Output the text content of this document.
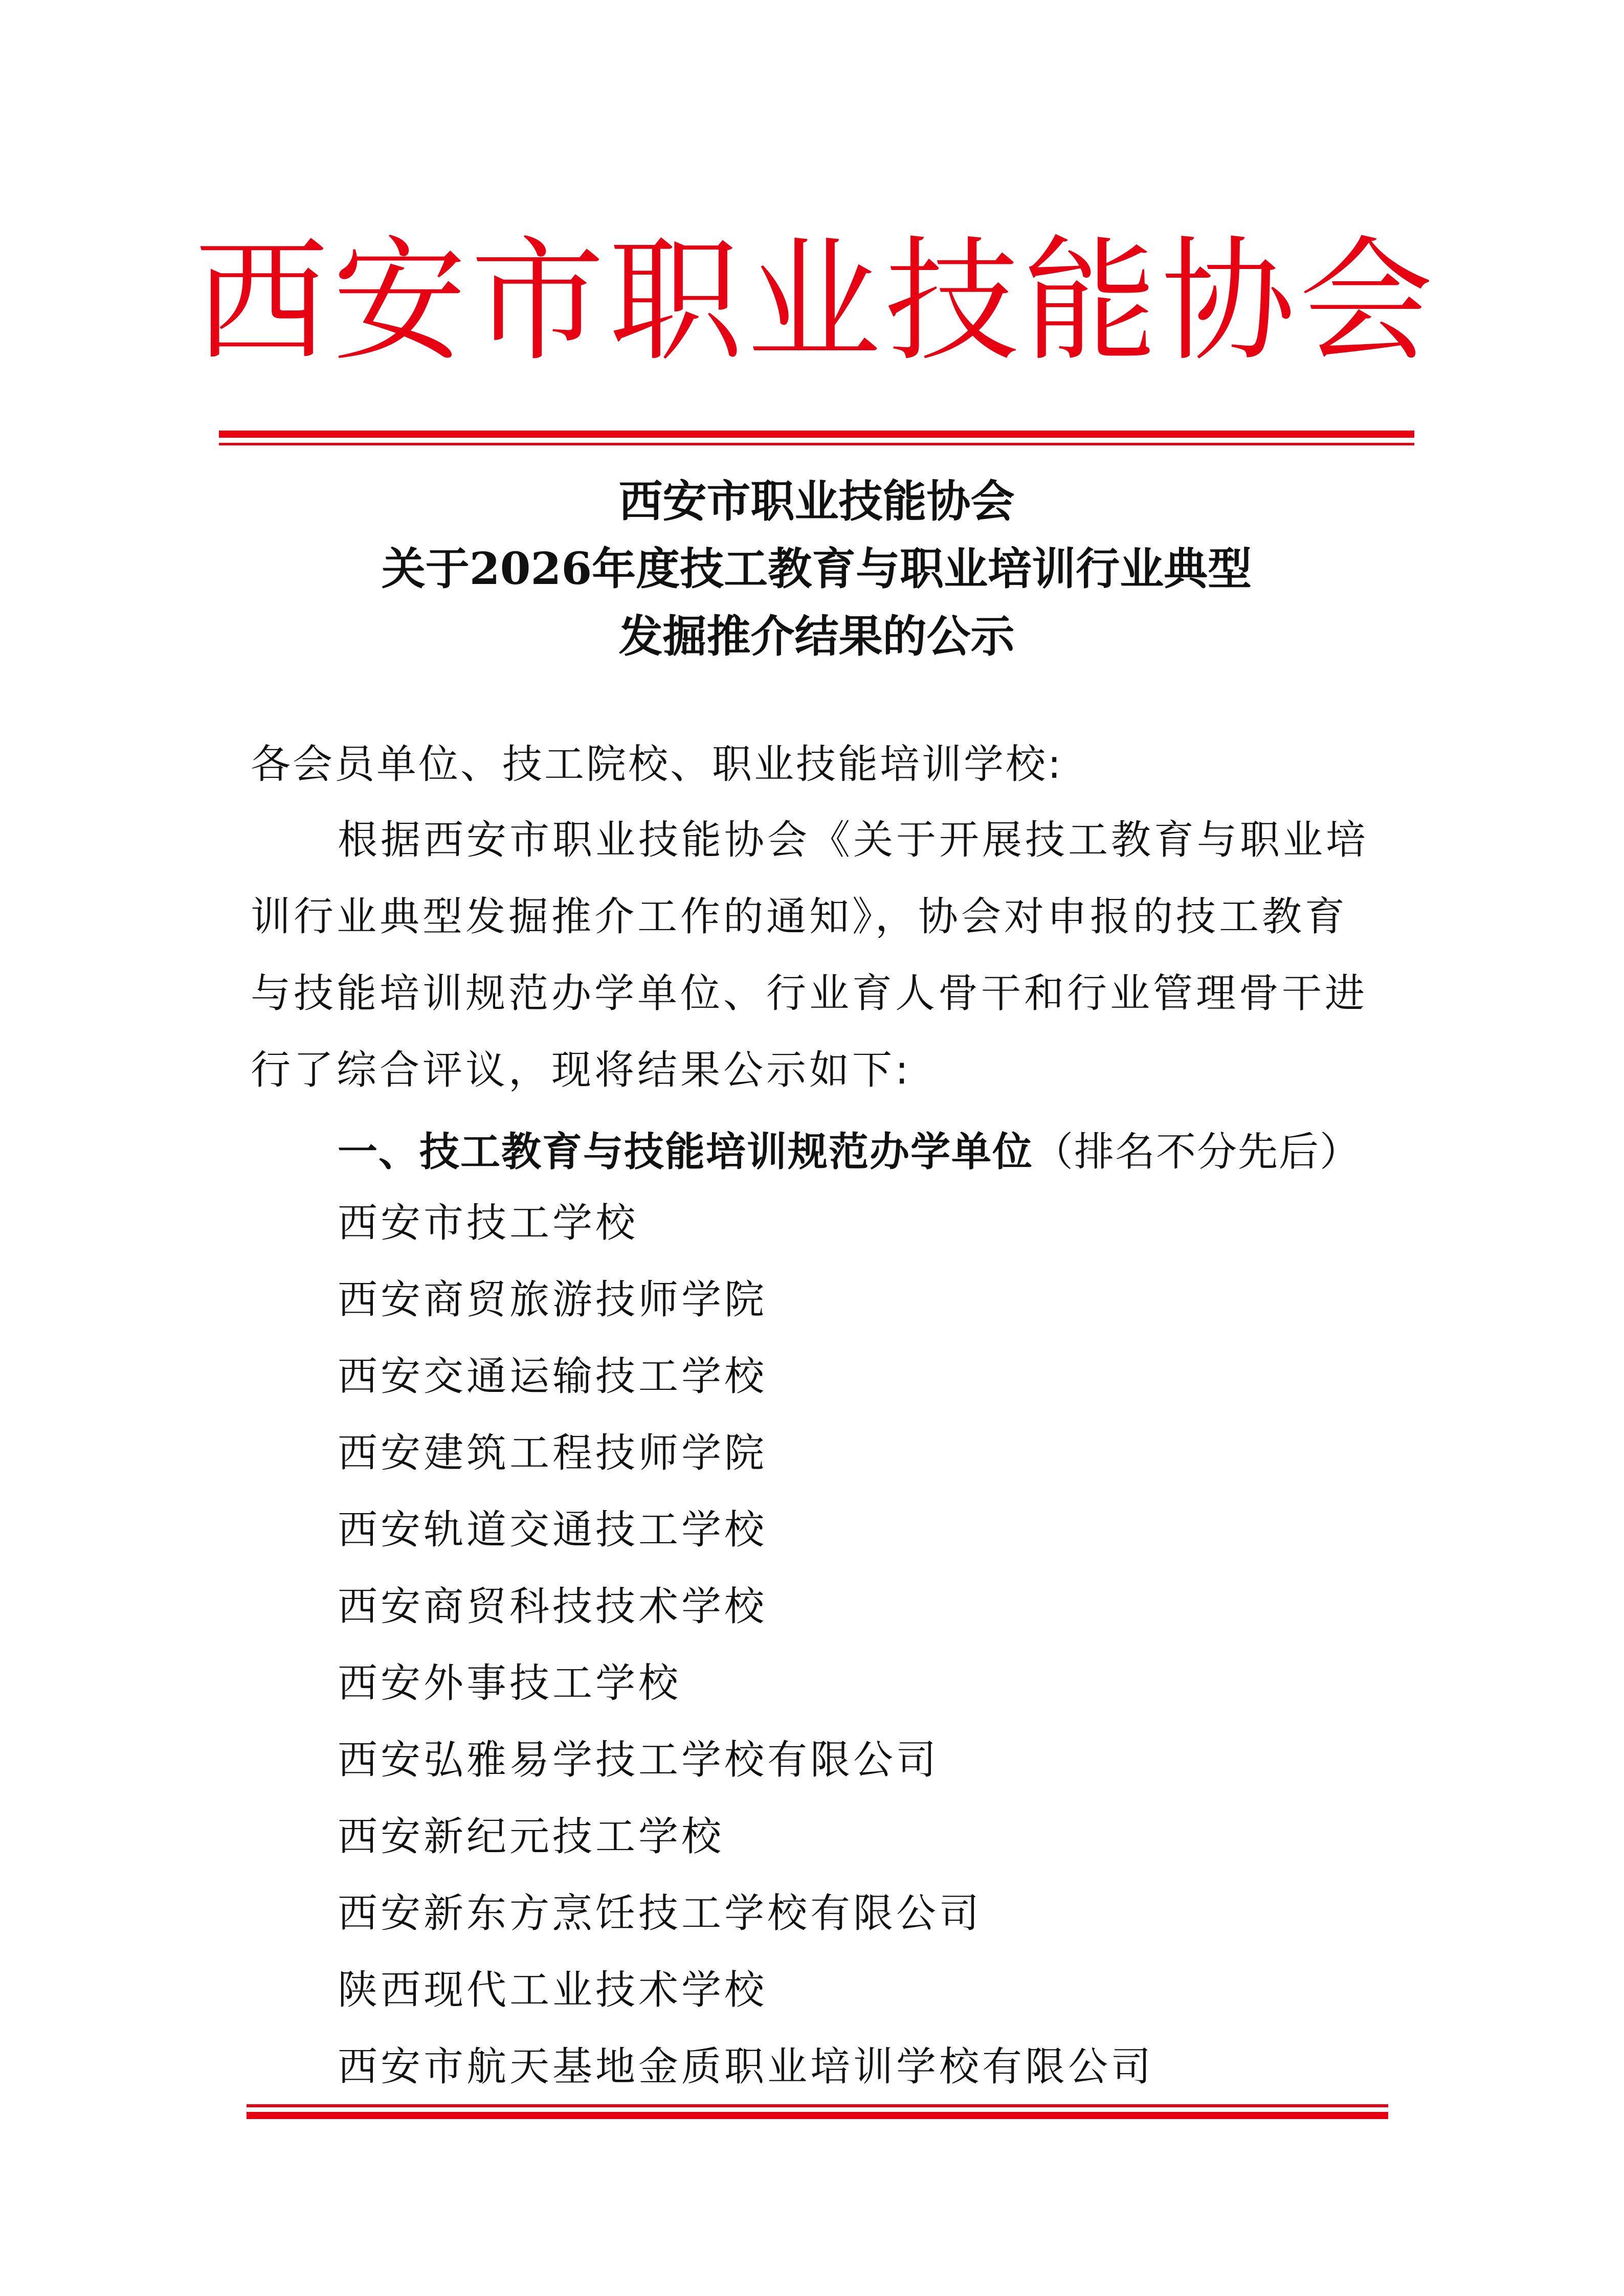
西安市职业技能协会
西安市职业技能协会
关于2026年度技工教育与职业培训行业典型
发掘推介结果的公示
各会员单位、技工院校、职业技能培训学校:
根据西安市职业技能协会《关于开展技工教育与职业培
训行业典型发掘推介工作的通知》，协会对申报的技工教育
与技能培训规范办学单位、行业育人骨干和行业管理骨干进
行了综合评议，现将结果公示如下:
一、技工教育与技能培训规范办学单位（排名不分先后）
西安市技工学校
西安商贸旅游技师学院
西安交通运输技工学校
西安建筑工程技师学院
西安轨道交通技工学校
西安商贸科技技术学校
西安外事技工学校
西安弘雅易学技工学校有限公司
西安新纪元技工学校
西安新东方烹饪技工学校有限公司
陕西现代工业技术学校
西安市航天基地金质职业培训学校有限公司
